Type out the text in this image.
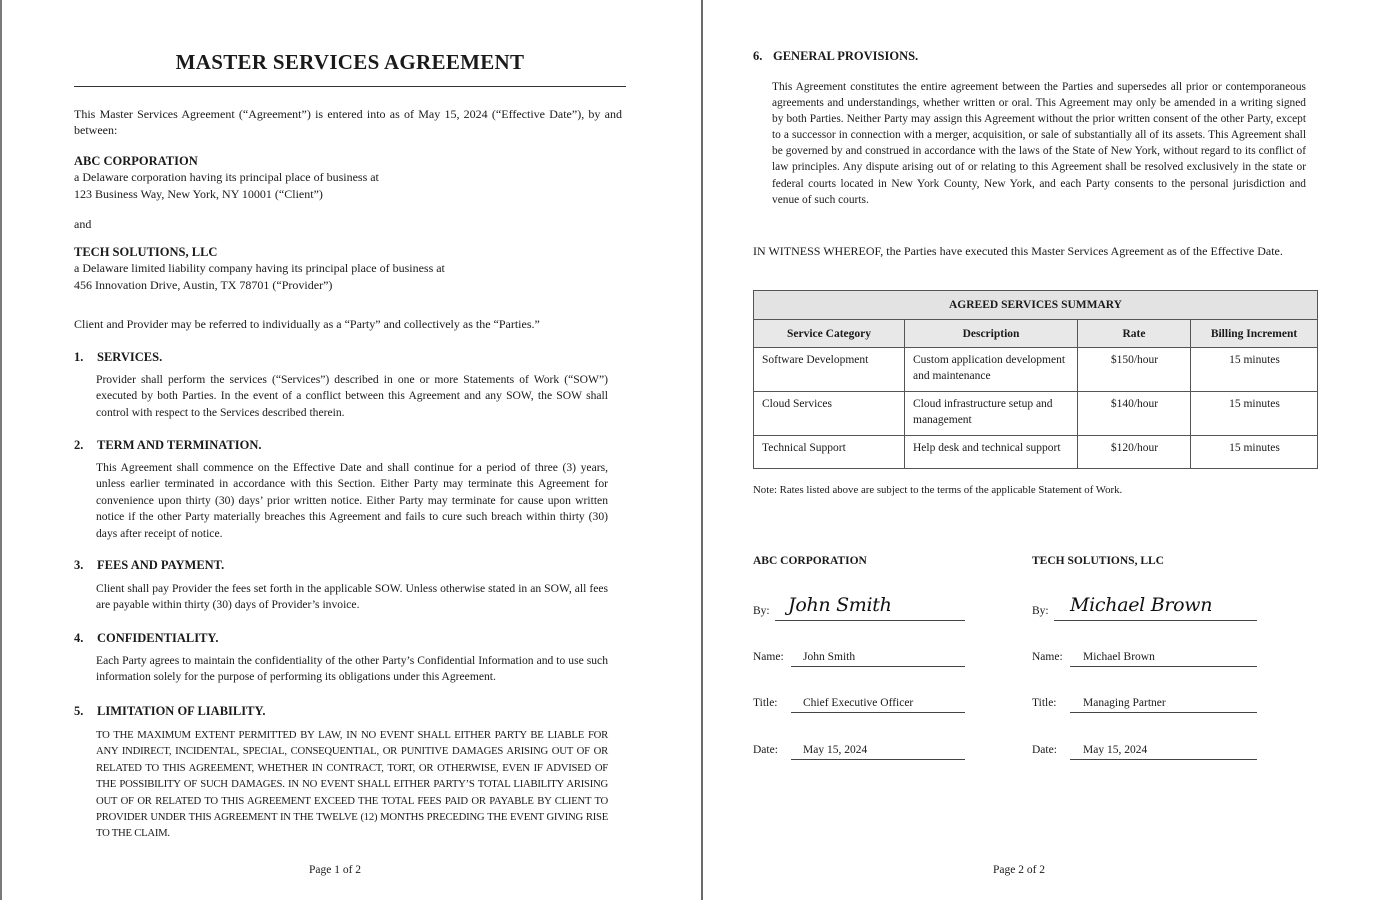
MASTER SERVICES AGREEMENT
This Master Services Agreement (“Agreement”) is entered into as of May 15, 2024 (“Effective Date”), by and between:
ABC CORPORATION
a Delaware corporation having its principal place of business at
123 Business Way, New York, NY 10001 (“Client”)
and
TECH SOLUTIONS, LLC
a Delaware limited liability company having its principal place of business at
456 Innovation Drive, Austin, TX 78701 (“Provider”)
Client and Provider may be referred to individually as a “Party” and collectively as the “Parties.”
1. SERVICES.
Provider shall perform the services (“Services”) described in one or more Statements of Work (“SOW”) executed by both Parties. In the event of a conflict between this Agreement and any SOW, the SOW shall control with respect to the Services described therein.
2. TERM AND TERMINATION.
This Agreement shall commence on the Effective Date and shall continue for a period of three (3) years, unless earlier terminated in accordance with this Section. Either Party may terminate this Agreement for convenience upon thirty (30) days’ prior written notice. Either Party may terminate for cause upon written notice if the other Party materially breaches this Agreement and fails to cure such breach within thirty (30) days after receipt of notice.
3. FEES AND PAYMENT.
Client shall pay Provider the fees set forth in the applicable SOW. Unless otherwise stated in an SOW, all fees are payable within thirty (30) days of Provider’s invoice.
4. CONFIDENTIALITY.
Each Party agrees to maintain the confidentiality of the other Party’s Confidential Information and to use such information solely for the purpose of performing its obligations under this Agreement.
5. LIMITATION OF LIABILITY.
TO THE MAXIMUM EXTENT PERMITTED BY LAW, IN NO EVENT SHALL EITHER PARTY BE LIABLE FOR ANY INDIRECT, INCIDENTAL, SPECIAL, CONSEQUENTIAL, OR PUNITIVE DAMAGES ARISING OUT OF OR RELATED TO THIS AGREEMENT, WHETHER IN CONTRACT, TORT, OR OTHERWISE, EVEN IF ADVISED OF THE POSSIBILITY OF SUCH DAMAGES. IN NO EVENT SHALL EITHER PARTY’S TOTAL LIABILITY ARISING OUT OF OR RELATED TO THIS AGREEMENT EXCEED THE TOTAL FEES PAID OR PAYABLE BY CLIENT TO PROVIDER UNDER THIS AGREEMENT IN THE TWELVE (12) MONTHS PRECEDING THE EVENT GIVING RISE TO THE CLAIM.
Page 1 of 2
6. GENERAL PROVISIONS.
This Agreement constitutes the entire agreement between the Parties and supersedes all prior or contemporaneous agreements and understandings, whether written or oral. This Agreement may only be amended in a writing signed by both Parties. Neither Party may assign this Agreement without the prior written consent of the other Party, except to a successor in connection with a merger, acquisition, or sale of substantially all of its assets. This Agreement shall be governed by and construed in accordance with the laws of the State of New York, without regard to its conflict of law principles. Any dispute arising out of or relating to this Agreement shall be resolved exclusively in the state or federal courts located in New York County, New York, and each Party consents to the personal jurisdiction and venue of such courts.
IN WITNESS WHEREOF, the Parties have executed this Master Services Agreement as of the Effective Date.
AGREED SERVICES SUMMARY			
Service Category	Description	Rate	Billing Increment
Software Development	Custom application development and maintenance	$150/hour	15 minutes
Cloud Services	Cloud infrastructure setup and management	$140/hour	15 minutes
Technical Support	Help desk and technical support	$120/hour	15 minutes
Note: Rates listed above are subject to the terms of the applicable Statement of Work.
ABC CORPORATION
By: John Smith
Name: John Smith
Title: Chief Executive Officer
Date: May 15, 2024
TECH SOLUTIONS, LLC
By: Michael Brown
Name: Michael Brown
Title: Managing Partner
Date: May 15, 2024
Page 2 of 2
